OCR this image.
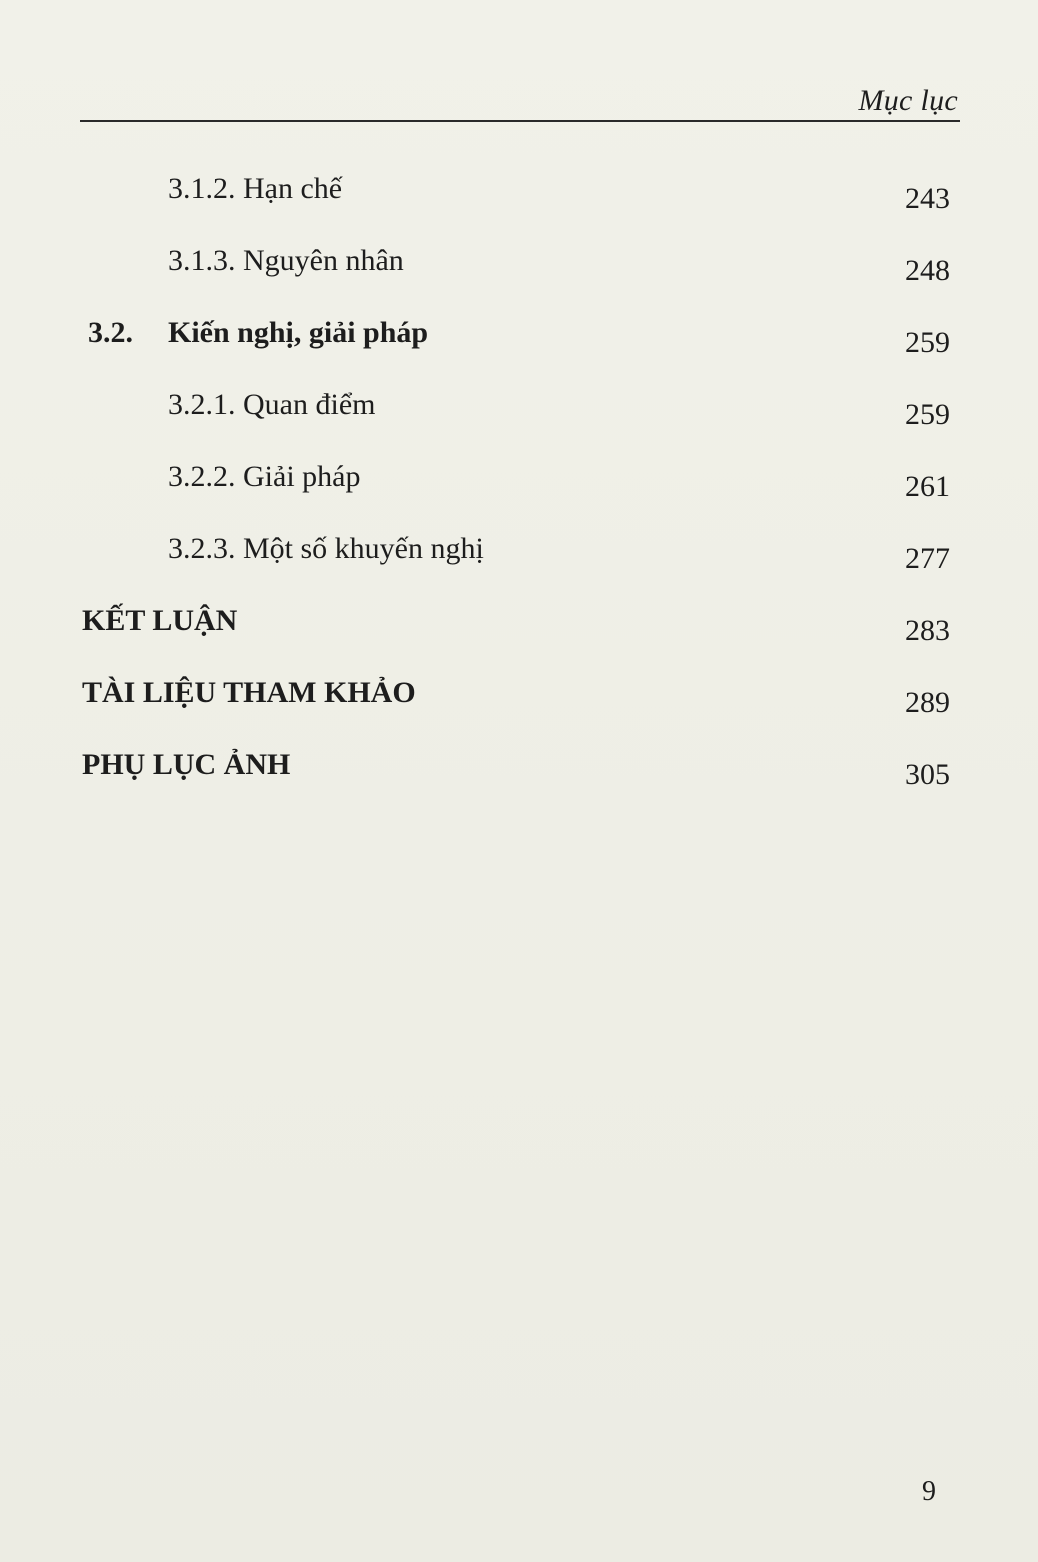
Mục lục
3.1.2. Hạn chế	243
3.1.3. Nguyên nhân	248
3.2. Kiến nghị, giải pháp	259
3.2.1. Quan điểm	259
3.2.2. Giải pháp	261
3.2.3. Một số khuyến nghị	277
KẾT LUẬN	283
TÀI LIỆU THAM KHẢO	289
PHỤ LỤC ẢNH	305
9
